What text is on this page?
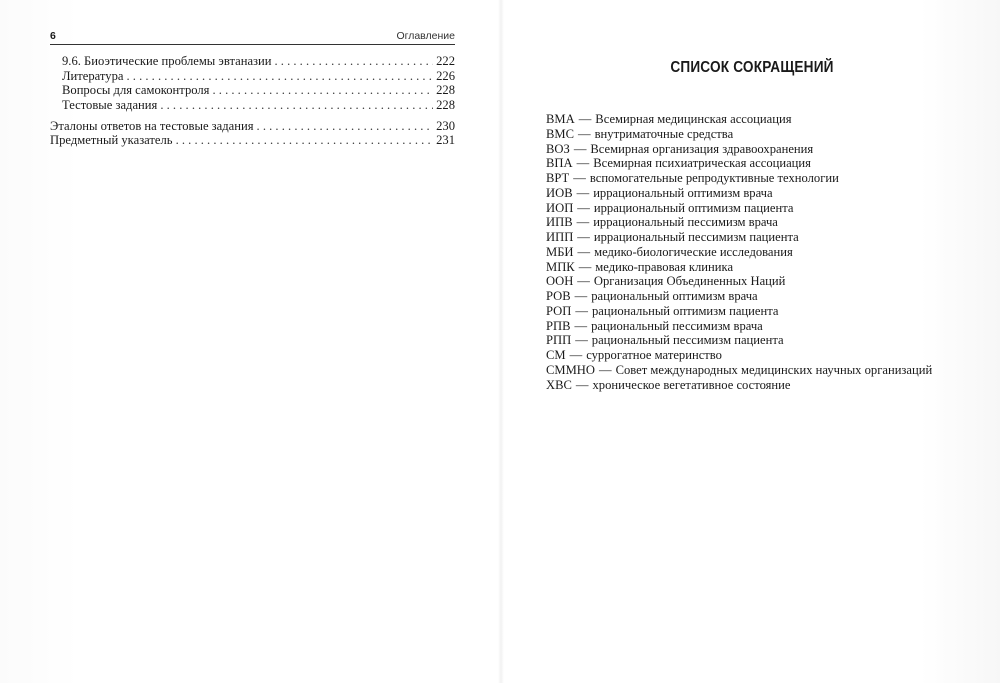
6	Оглавление
9.6. Биоэтические проблемы эвтаназии . . .	222
Литература . . .	226
Вопросы для самоконтроля . . .	228
Тестовые задания . . .	228
Эталоны ответов на тестовые задания . . .	230
Предметный указатель . . .	231
СПИСОК СОКРАЩЕНИЙ
ВМА — Всемирная медицинская ассоциация
ВМС — внутриматочные средства
ВОЗ — Всемирная организация здравоохранения
ВПА — Всемирная психиатрическая ассоциация
ВРТ — вспомогательные репродуктивные технологии
ИОВ — иррациональный оптимизм врача
ИОП — иррациональный оптимизм пациента
ИПВ — иррациональный пессимизм врача
ИПП — иррациональный пессимизм пациента
МБИ — медико-биологические исследования
МПК — медико-правовая клиника
ООН — Организация Объединенных Наций
РОВ — рациональный оптимизм врача
РОП — рациональный оптимизм пациента
РПВ — рациональный пессимизм врача
РПП — рациональный пессимизм пациента
СМ — суррогатное материнство
СММНО — Совет международных медицинских научных организаций
ХВС — хроническое вегетативное состояние
